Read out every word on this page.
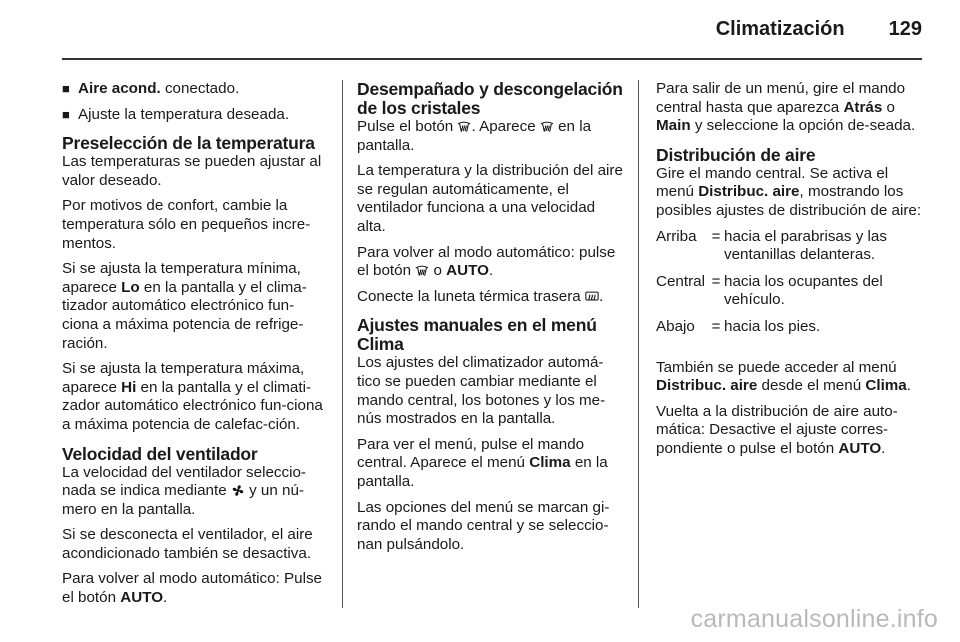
Climatización 129
■ Aire acond. conectado.
■ Ajuste la temperatura deseada.
Preselección de la temperatura

Las temperaturas se pueden ajustar al valor deseado.

Por motivos de confort, cambie la temperatura sólo en pequeños incre-mentos.

Si se ajusta la temperatura mínima, aparece Lo en la pantalla y el clima-tizador automático electrónico fun-ciona a máxima potencia de refrige-ración.

Si se ajusta la temperatura máxima, aparece Hi en la pantalla y el climati-zador automático electrónico fun-ciona a máxima potencia de calefac-ción.

Velocidad del ventilador

La velocidad del ventilador seleccio-nada se indica mediante  y un nú-mero en la pantalla.

Si se desconecta el ventilador, el aire acondicionado también se desactiva.

Para volver al modo automático: Pulse el botón AUTO.

Desempañado y descongelación de los cristales

Pulse el botón . Aparece  en la pantalla.

La temperatura y la distribución del aire se regulan automáticamente, el ventilador funciona a una velocidad alta.

Para volver al modo automático: pulse el botón  o AUTO.

Conecte la luneta térmica trasera .

Ajustes manuales en el menú Clima

Los ajustes del climatizador automá-tico se pueden cambiar mediante el mando central, los botones y los me-nús mostrados en la pantalla.

Para ver el menú, pulse el mando central. Aparece el menú Clima en la pantalla.

Las opciones del menú se marcan gi-rando el mando central y se seleccio-nan pulsándolo.

Para salir de un menú, gire el mando central hasta que aparezca Atrás o Main y seleccione la opción de-seada.

Distribución de aire

Gire el mando central. Se activa el menú Distribuc. aire, mostrando los posibles ajustes de distribución de aire:

Arriba	=	hacia el parabrisas y las ventanillas delanteras.
Central	=	hacia los ocupantes del vehículo.
Abajo	=	hacia los pies.

También se puede acceder al menú Distribuc. aire desde el menú Clima.

Vuelta a la distribución de aire auto-mática: Desactive el ajuste corres-pondiente o pulse el botón AUTO.

carmanualsonline.info
